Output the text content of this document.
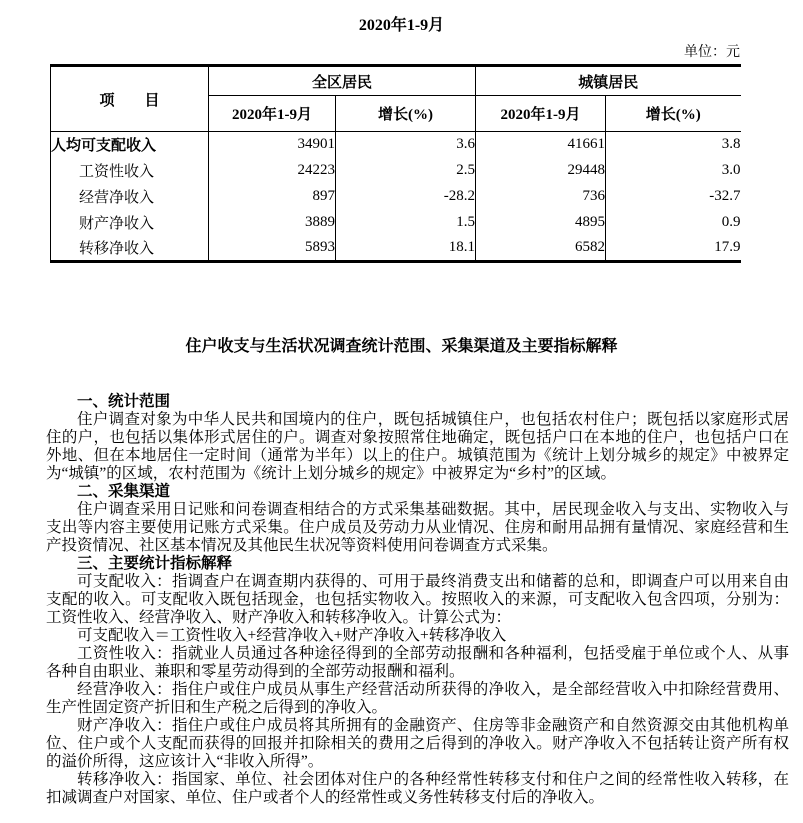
2020年1-9月
单位：元
项　　目	全区居民		城镇居民	
	2020年1-9月	增长(%)	2020年1-9月	增长(%)
人均可支配收入	34901	3.6	41661	3.8
工资性收入	24223	2.5	29448	3.0
经营净收入	897	-28.2	736	-32.7
财产净收入	3889	1.5	4895	0.9
转移净收入	5893	18.1	6582	17.9
住户收支与生活状况调查统计范围、采集渠道及主要指标解释

一、统计范围

住户调查对象为中华人民共和国境内的住户，既包括城镇住户，也包括农村住户；既包括以家庭形式居住的户，也包括以集体形式居住的户。调查对象按照常住地确定，既包括户口在本地的住户，也包括户口在外地、但在本地居住一定时间（通常为半年）以上的住户。城镇范围为《统计上划分城乡的规定》中被界定为“城镇”的区域，农村范围为《统计上划分城乡的规定》中被界定为“乡村”的区域。

二、采集渠道

住户调查采用日记账和问卷调查相结合的方式采集基础数据。其中，居民现金收入与支出、实物收入与支出等内容主要使用记账方式采集。住户成员及劳动力从业情况、住房和耐用品拥有量情况、家庭经营和生产投资情况、社区基本情况及其他民生状况等资料使用问卷调查方式采集。

三、主要统计指标解释

可支配收入：指调查户在调查期内获得的、可用于最终消费支出和储蓄的总和，即调查户可以用来自由支配的收入。可支配收入既包括现金，也包括实物收入。按照收入的来源，可支配收入包含四项，分别为：工资性收入、经营净收入、财产净收入和转移净收入。计算公式为：

可支配收入＝工资性收入+经营净收入+财产净收入+转移净收入

工资性收入：指就业人员通过各种途径得到的全部劳动报酬和各种福利，包括受雇于单位或个人、从事各种自由职业、兼职和零星劳动得到的全部劳动报酬和福利。

经营净收入：指住户或住户成员从事生产经营活动所获得的净收入，是全部经营收入中扣除经营费用、生产性固定资产折旧和生产税之后得到的净收入。

财产净收入：指住户或住户成员将其所拥有的金融资产、住房等非金融资产和自然资源交由其他机构单位、住户或个人支配而获得的回报并扣除相关的费用之后得到的净收入。财产净收入不包括转让资产所有权的溢价所得，这应该计入“非收入所得”。

转移净收入：指国家、单位、社会团体对住户的各种经常性转移支付和住户之间的经常性收入转移，在扣减调查户对国家、单位、住户或者个人的经常性或义务性转移支付后的净收入。
